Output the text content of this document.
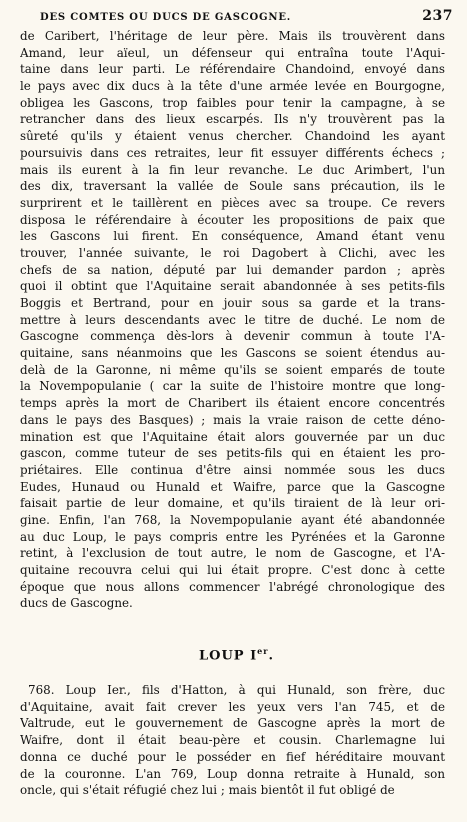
DES COMTES OU DUCS DE GASCOGNE.	237
de Caribert, l'héritage de leur père. Mais ils trouvèrent dans
Amand, leur aïeul, un défenseur qui entraîna toute l'Aqui-
taine dans leur parti. Le référendaire Chandoind, envoyé dans
le pays avec dix ducs à la tête d'une armée levée en Bourgogne,
obligea les Gascons, trop faibles pour tenir la campagne, à se
retrancher dans des lieux escarpés. Ils n'y trouvèrent pas la
sûreté qu'ils y étaient venus chercher. Chandoind les ayant
poursuivis dans ces retraites, leur fit essuyer différents échecs ;
mais ils eurent à la fin leur revanche. Le duc Arimbert, l'un
des dix, traversant la vallée de Soule sans précaution, ils le
surprirent et le taillèrent en pièces avec sa troupe. Ce revers
disposa le référendaire à écouter les propositions de paix que
les Gascons lui firent. En conséquence, Amand étant venu
trouver, l'année suivante, le roi Dagobert à Clichi, avec les
chefs de sa nation, député par lui demander pardon ; après
quoi il obtint que l'Aquitaine serait abandonnée à ses petits-fils
Boggis et Bertrand, pour en jouir sous sa garde et la trans-
mettre à leurs descendants avec le titre de duché. Le nom de
Gascogne commença dès-lors à devenir commun à toute l'A-
quitaine, sans néanmoins que les Gascons se soient étendus au-
delà de la Garonne, ni même qu'ils se soient emparés de toute
la Novempopulanie ( car la suite de l'histoire montre que long-
temps après la mort de Charibert ils étaient encore concentrés
dans le pays des Basques) ; mais la vraie raison de cette déno-
mination est que l'Aquitaine était alors gouvernée par un duc
gascon, comme tuteur de ses petits-fils qui en étaient les pro-
priétaires. Elle continua d'être ainsi nommée sous les ducs
Eudes, Hunaud ou Hunald et Waifre, parce que la Gascogne
faisait partie de leur domaine, et qu'ils tiraient de là leur ori-
gine. Enfin, l'an 768, la Novempopulanie ayant été abandonnée
au duc Loup, le pays compris entre les Pyrénées et la Garonne
retint, à l'exclusion de tout autre, le nom de Gascogne, et l'A-
quitaine recouvra celui qui lui était propre. C'est donc à cette
époque que nous allons commencer l'abrégé chronologique des
ducs de Gascogne.
LOUP Ier.
768. Loup Ier., fils d'Hatton, à qui Hunald, son frère, duc
d'Aquitaine, avait fait crever les yeux vers l'an 745, et de
Valtrude, eut le gouvernement de Gascogne après la mort de
Waifre, dont il était beau-père et cousin. Charlemagne lui
donna ce duché pour le posséder en fief héréditaire mouvant
de la couronne. L'an 769, Loup donna retraite à Hunald, son
oncle, qui s'était réfugié chez lui ; mais bientôt il fut obligé de
